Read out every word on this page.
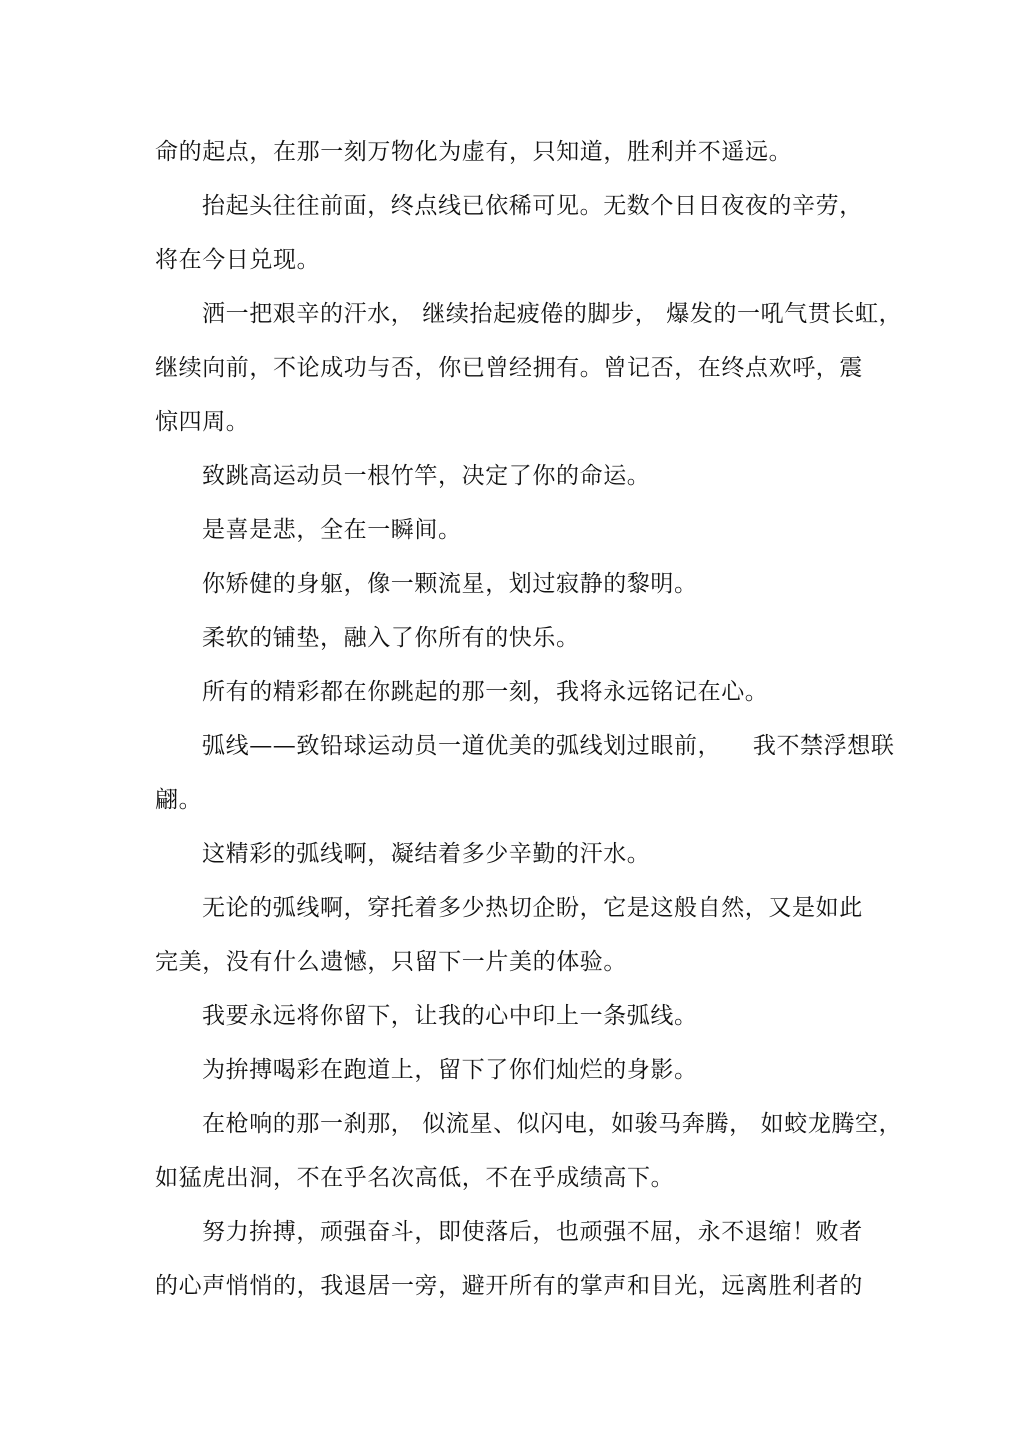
命的起点，在那一刻万物化为虚有，只知道，胜利并不遥远。

抬起头往往前面，终点线已依稀可见。无数个日日夜夜的辛劳，

将在今日兑现。

洒一把艰辛的汗水， 继续抬起疲倦的脚步， 爆发的一吼气贯长虹，

继续向前，不论成功与否，你已曾经拥有。曾记否，在终点欢呼，震

惊四周。

致跳高运动员一根竹竿，决定了你的命运。

是喜是悲，全在一瞬间。

你矫健的身躯，像一颗流星，划过寂静的黎明。

柔软的铺垫，融入了你所有的快乐。

所有的精彩都在你跳起的那一刻，我将永远铭记在心。

弧线——致铅球运动员一道优美的弧线划过眼前，    我不禁浮想联

翩。

这精彩的弧线啊，凝结着多少辛勤的汗水。

无论的弧线啊，穿托着多少热切企盼，它是这般自然，又是如此

完美，没有什么遗憾，只留下一片美的体验。

我要永远将你留下，让我的心中印上一条弧线。

为拚搏喝彩在跑道上，留下了你们灿烂的身影。

在枪响的那一刹那， 似流星、似闪电，如骏马奔腾， 如蛟龙腾空，

如猛虎出洞，不在乎名次高低，不在乎成绩高下。

努力拚搏，顽强奋斗，即使落后，也顽强不屈，永不退缩！败者

的心声悄悄的，我退居一旁，避开所有的掌声和目光，远离胜利者的
